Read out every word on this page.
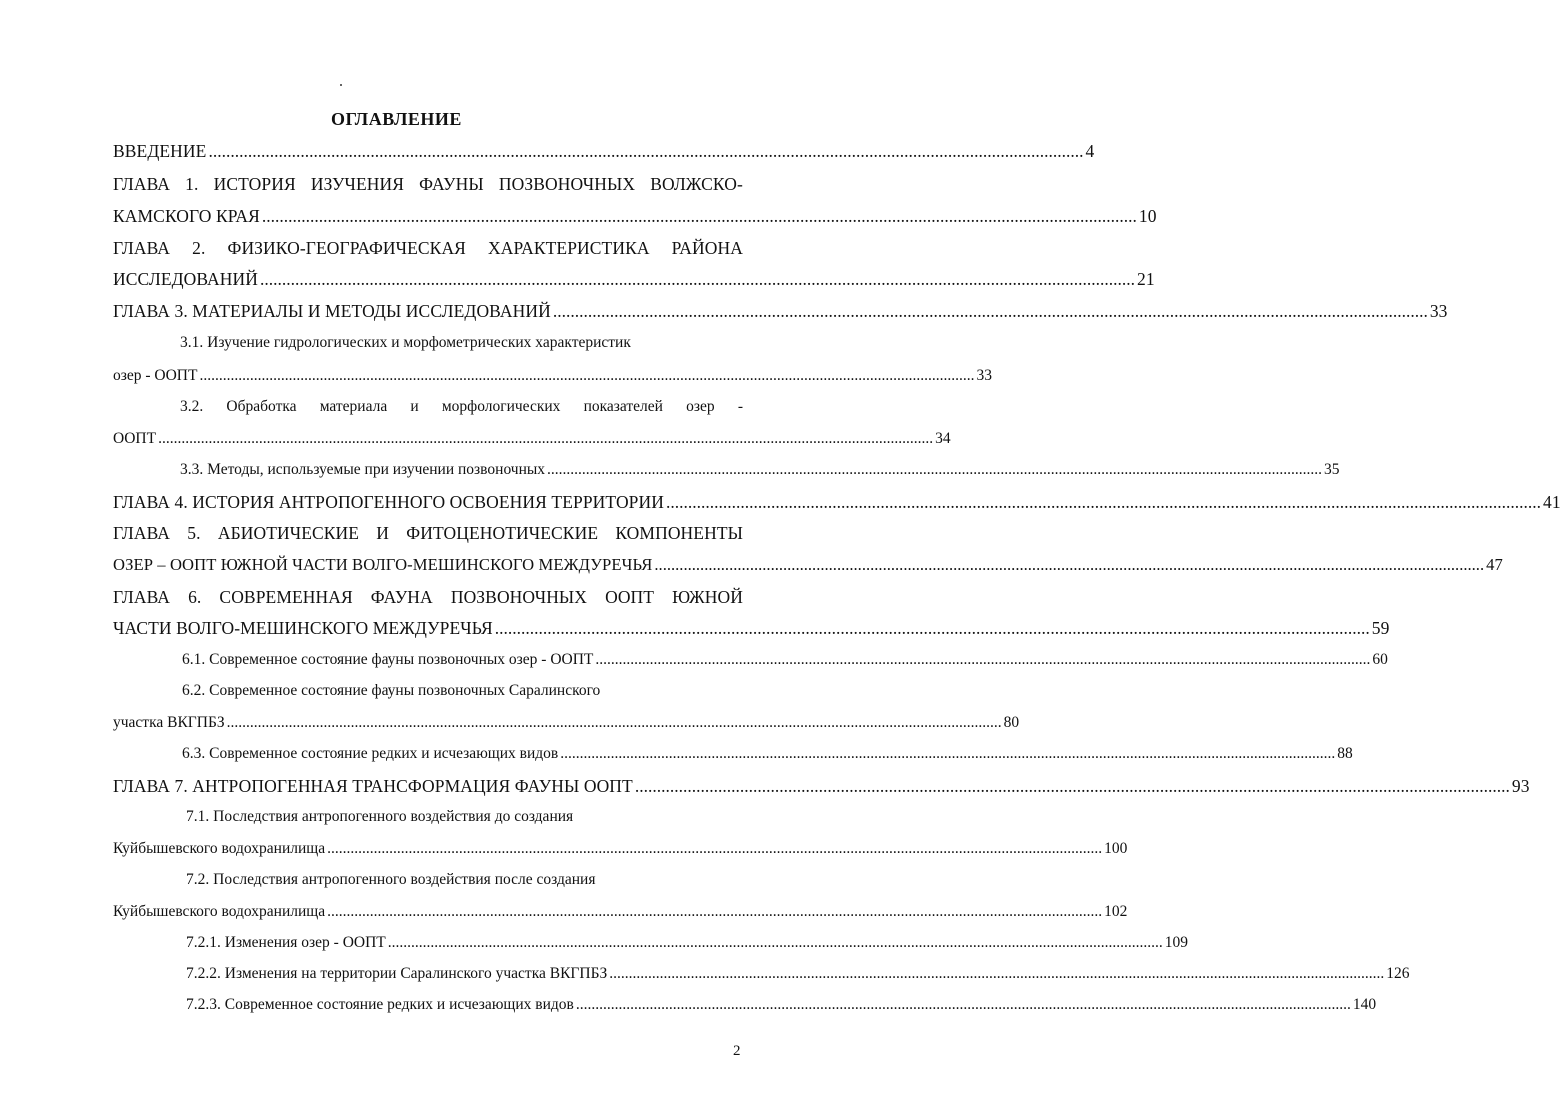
ОГЛАВЛЕНИЕ
ВВЕДЕНИЕ ........................................................................................................................................................................................................ 4
ГЛАВА 1. ИСТОРИЯ ИЗУЧЕНИЯ ФАУНЫ ПОЗВОНОЧНЫХ ВОЛЖСКО-
КАМСКОГО КРАЯ ........................................................................................................................................................................................................ 10
ГЛАВА 2. ФИЗИКО-ГЕОГРАФИЧЕСКАЯ ХАРАКТЕРИСТИКА РАЙОНА
ИССЛЕДОВАНИЙ ........................................................................................................................................................................................................ 21
ГЛАВА 3. МАТЕРИАЛЫ И МЕТОДЫ ИССЛЕДОВАНИЙ ........................................................................................................................................................................................................ 33
3.1. Изучение гидрологических и морфометрических характеристик
озер - ООПТ ........................................................................................................................................................................................................ 33
3.2. Обработка материала и морфологических показателей озер -
ООПТ ........................................................................................................................................................................................................ 34
3.3. Методы, используемые при изучении позвоночных ........................................................................................................................................................................................................ 35
ГЛАВА 4. ИСТОРИЯ АНТРОПОГЕННОГО ОСВОЕНИЯ ТЕРРИТОРИИ ........................................................................................................................................................................................................ 41
ГЛАВА 5. АБИОТИЧЕСКИЕ И ФИТОЦЕНОТИЧЕСКИЕ КОМПОНЕНТЫ
ОЗЕР – ООПТ ЮЖНОЙ ЧАСТИ ВОЛГО-МЕШИНСКОГО МЕЖДУРЕЧЬЯ ........................................................................................................................................................................................................ 47
ГЛАВА 6. СОВРЕМЕННАЯ ФАУНА ПОЗВОНОЧНЫХ ООПТ ЮЖНОЙ
ЧАСТИ ВОЛГО-МЕШИНСКОГО МЕЖДУРЕЧЬЯ ........................................................................................................................................................................................................ 59
6.1. Современное состояние фауны позвоночных озер - ООПТ ........................................................................................................................................................................................................ 60
6.2. Современное состояние фауны позвоночных Саралинского
участка ВКГПБЗ ........................................................................................................................................................................................................ 80
6.3. Современное состояние редких и исчезающих видов ........................................................................................................................................................................................................ 88
ГЛАВА 7. АНТРОПОГЕННАЯ ТРАНСФОРМАЦИЯ ФАУНЫ ООПТ ........................................................................................................................................................................................................ 93
7.1. Последствия антропогенного воздействия до создания
Куйбышевского водохранилища ........................................................................................................................................................................................................ 100
7.2. Последствия антропогенного воздействия после создания
Куйбышевского водохранилища ........................................................................................................................................................................................................ 102
7.2.1. Изменения озер - ООПТ ........................................................................................................................................................................................................ 109
7.2.2. Изменения на территории Саралинского участка ВКГПБЗ ........................................................................................................................................................................................................ 126
7.2.3. Современное состояние редких и исчезающих видов ........................................................................................................................................................................................................ 140
2
